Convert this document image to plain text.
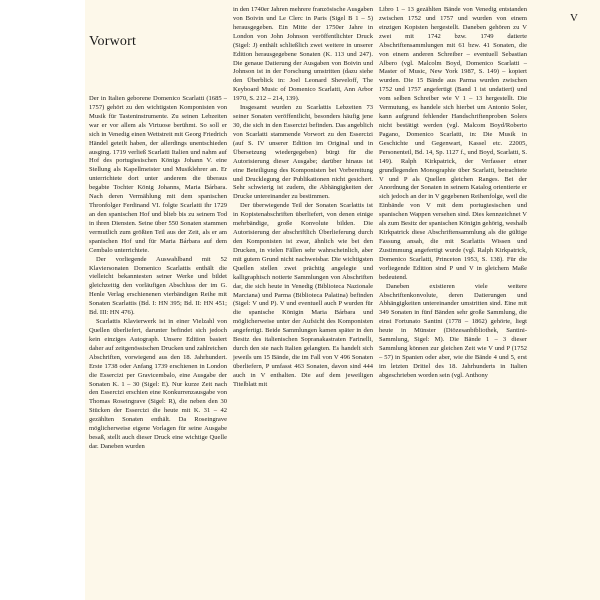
V
Vorwort

Der in Italien geborene Domenico Scarlatti (1685 – 1757) gehört zu den wichtigsten Komponisten von Musik für Tasteninstrumente. Zu seinen Lebzeiten war er vor allem als Virtuose berühmt. So soll er sich in Venedig einen Wettstreit mit Georg Friedrich Händel geteilt haben, der allerdings unentschieden ausging. 1719 verließ Scarlatti Italien und nahm auf Hof des portugiesischen Königs Johann V. eine Stellung als Kapellmeister und Musiklehrer an. Er unterrichtete dort unter anderem die überaus begabte Tochter König Johanns, Maria Bárbara. Nach deren Vermählung mit dem spanischen Thronfolger Ferdinand VI. folgte Scarlatti ihr 1729 an den spanischen Hof und blieb bis zu seinem Tod in ihren Diensten. Seine über 550 Sonaten stammen vermutlich zum größten Teil aus der Zeit, als er am spanischen Hof und für Maria Bárbara auf dem Cembalo unterrichtete.

Der vorliegende Auswahlband mit 52 Klaviersonaten Domenico Scarlattis enthält die vielleicht bekanntesten seiner Werke und bildet gleichzeitig den vorläufigen Abschluss der im G. Henle Verlag erschienenen vierbändigen Reihe mit Sonaten Scarlattis (Bd. I: HN 395; Bd. II: HN 451; Bd. III: HN 476).

Scarlattis Klavierwerk ist in einer Vielzahl von Quellen überliefert, darunter befindet sich jedoch kein einziges Autograph. Unsere Edition basiert daher auf zeitgenössischen Drucken und zahlreichen Abschriften, vorwiegend aus den 18. Jahrhundert. Erste 1738 oder Anfang 1739 erschienen in London die Essercizi per Gravicembalo, eine Ausgabe der Sonaten K. 1 – 30 (Sigel: E). Nur kurze Zeit nach den Essercizi erschien eine Konkurrenzausgabe von Thomas Roseingrave (Sigel: R), die neben den 30 Stücken der Essercizi die heute mit K. 31 – 42 gezählten Sonaten enthält. Da Roseingrave möglicherweise eigene Vorlagen für seine Ausgabe besaß, stellt auch dieser Druck eine wichtige Quelle dar. Daneben wurden

in den 1740er Jahren mehrere französische Ausgaben von Boivin und Le Clerc in Paris (Sigel B 1 – 5) herausgegeben. Ein Mitte der 1750er Jahre in London von John Johnson veröffentlichter Druck (Sigel: J) enthält schließlich zwei weitere in unserer Edition herausgegebene Sonaten (K. 113 und 247). Die genaue Datierung der Ausgaben von Boivin und Johnson ist in der Forschung umstritten (dazu siehe den Überblick in: Joel Leonard Sheveloff, The Keyboard Music of Domenico Scarlatti, Ann Arbor 1970, S. 212 – 214, 139).

Insgesamt wurden zu Scarlattis Lebzeiten 73 seiner Sonaten veröffentlicht, besonders häufig jene 30, die sich in den Essercizi befinden. Das angeblich von Scarlatti stammende Vorwort zu den Essercizi (auf S. IV unserer Edition im Original und in Übersetzung wiedergegeben) bürgt für die Autorisierung dieser Ausgabe; darüber hinaus ist eine Beteiligung des Komponisten bei Vorbereitung und Drucklegung der Publikationen nicht gesichert. Sehr schwierig ist zudem, die Abhängigkeiten der Drucke untereinander zu bestimmen.

Der überwiegende Teil der Sonaten Scarlattis ist in Kopistenabschriften überliefert, von denen einige mehrbändige, große Konvolute bilden. Die Autorisierung der abschriftlich Überlieferung durch den Komponisten ist zwar, ähnlich wie bei den Drucken, in vielen Fällen sehr wahrscheinlich, aber mit gutem Grund nicht nachweisbar. Die wichtigsten Quellen stellen zwei prächtig angelegte und kalligraphisch notierte Sammlungen von Abschriften dar, die sich heute in Venedig (Biblioteca Nazionale Marciana) und Parma (Biblioteca Palatina) befinden (Sigel: V und P). V und eventuell auch P wurden für die spanische Königin Maria Bárbara und möglicherweise unter der Aufsicht des Komponisten angefertigt. Beide Sammlungen kamen später in den Besitz des italienischen Sopranakastraten Farinelli, durch den sie nach Italien gelangten. Es handelt sich jeweils um 15 Bände, die im Fall von V 496 Sonaten überliefern, P umfasst 463 Sonaten, davon sind 444 auch in V enthalten. Die auf dem jeweiligen Titelblatt mit

Libro 1 – 13 gezählten Bände von Venedig entstanden zwischen 1752 und 1757 und wurden von einem einzigen Kopisten hergestellt. Daneben gehören zu V zwei mit 1742 bzw. 1749 datierte Abschriftensammlungen mit 61 bzw. 41 Sonaten, die von einem anderen Schreiber – eventuell Sebastian Albero (vgl. Malcolm Boyd, Domenico Scarlatti – Master of Music, New York 1987, S. 149) – kopiert wurden. Die 15 Bände aus Parma wurden zwischen 1752 und 1757 angefertigt (Band 1 ist undatiert) und vom selben Schreiber wie V 1 – 13 hergestellt. Die Vermutung, es handele sich hierbei um Antonio Soler, kann aufgrund fehlender Handschriftenproben Solers nicht bestätigt werden (vgl. Malcom Boyd/Roberto Pagano, Domenico Scarlatti, in: Die Musik in Geschichte und Gegenwart, Kassel etc. 22005, Personenteil, Bd. 14, Sp. 1127 f., und Boyd, Scarlatti, S. 149). Ralph Kirkpatrick, der Verfasser einer grundlegenden Monographie über Scarlatti, betrachtete V und P als Quellen gleichen Ranges. Bei der Anordnung der Sonaten in seinem Katalog orientierte er sich jedoch an der in V gegebenen Reihenfolge, weil die Einbände von V mit dem portugiesischen und spanischen Wappen versehen sind. Dies kennzeichnet V als zum Besitz der spanischen Königin gehörig, weshalb Kirkpatrick diese Abschriftensammlung als die gültige Fassung ansah, die mit Scarlattis Wissen und Zustimmung angefertigt wurde (vgl. Ralph Kirkpatrick, Domenico Scarlatti, Princeton 1953, S. 138). Für die vorliegende Edition sind P und V in gleichem Maße bedeutend.

Daneben existieren viele weitere Abschriftenkonvolute, deren Datierungen und Abhängigkeiten untereinander umstritten sind. Eine mit 349 Sonaten in fünf Bänden sehr große Sammlung, die einst Fortunato Santini (1778 – 1862) gehörte, liegt heute in Münster (Diözesanbibliothek, Santini-Sammlung, Sigel: M). Die Bände 1 – 3 dieser Sammlung können zur gleichen Zeit wie V und P (1752 – 57) in Spanien oder aber, wie die Bände 4 und 5, erst im letzten Drittel des 18. Jahrhunderts in Italien abgeschrieben worden sein (vgl. Anthony
